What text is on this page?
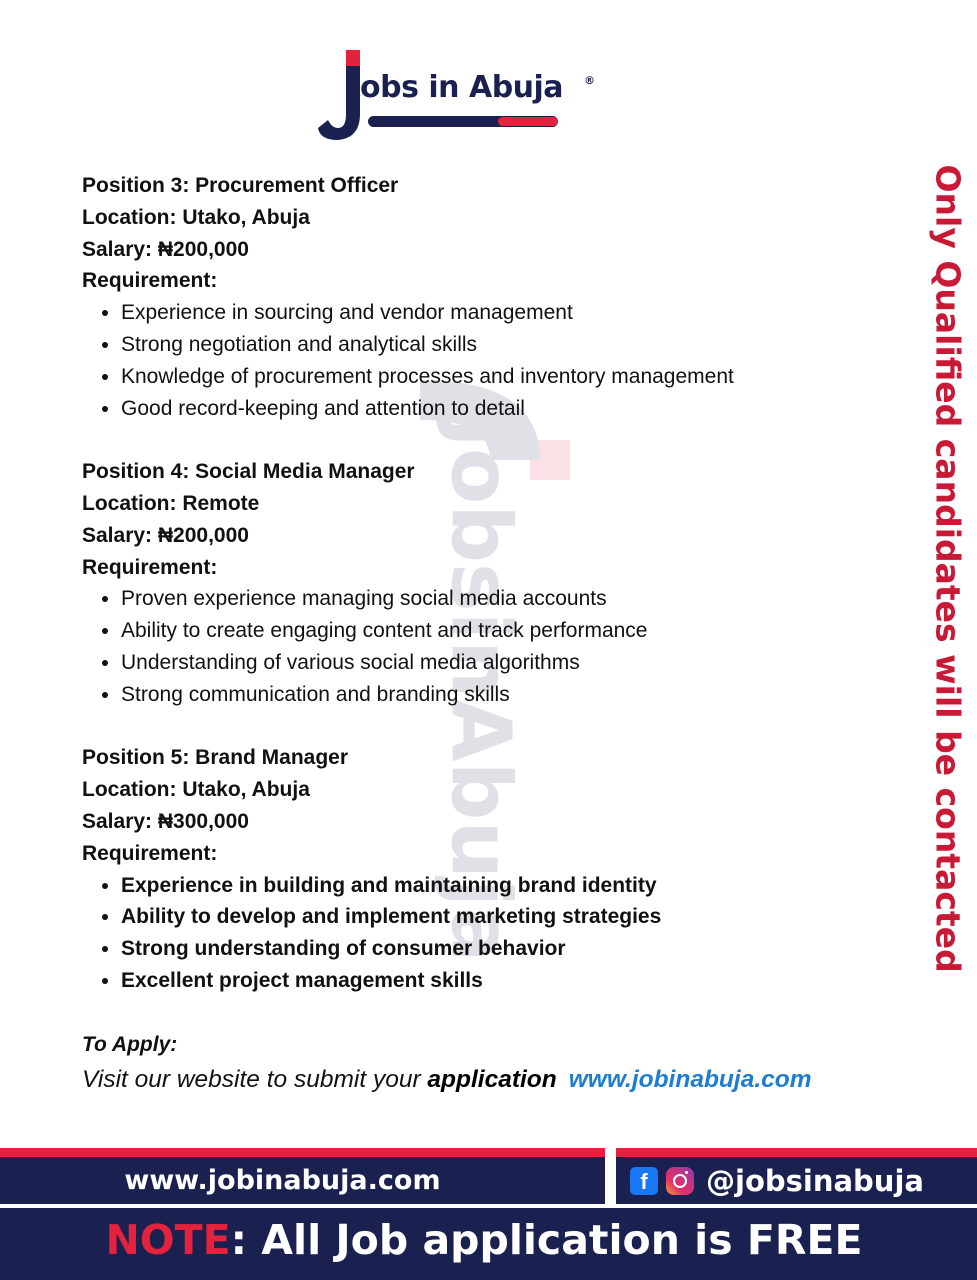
obs in Abuja ®
JobsinAbuja
Position 3: Procurement Officer
Location: Utako, Abuja
Salary: ₦200,000
Requirement:
• Experience in sourcing and vendor management
• Strong negotiation and analytical skills
• Knowledge of procurement processes and inventory management
• Good record-keeping and attention to detail
Position 4: Social Media Manager
Location: Remote
Salary: ₦200,000
Requirement:
• Proven experience managing social media accounts
• Ability to create engaging content and track performance
• Understanding of various social media algorithms
• Strong communication and branding skills
Position 5: Brand Manager
Location: Utako, Abuja
Salary: ₦300,000
Requirement:
• Experience in building and maintaining brand identity
• Ability to develop and implement marketing strategies
• Strong understanding of consumer behavior
• Excellent project management skills
To Apply:
Visit our website to submit your application www.jobinabuja.com
Only Qualified candidates will be contacted
www.jobinabuja.com	f	@jobsinabuja
NOTE: All Job application is FREE
